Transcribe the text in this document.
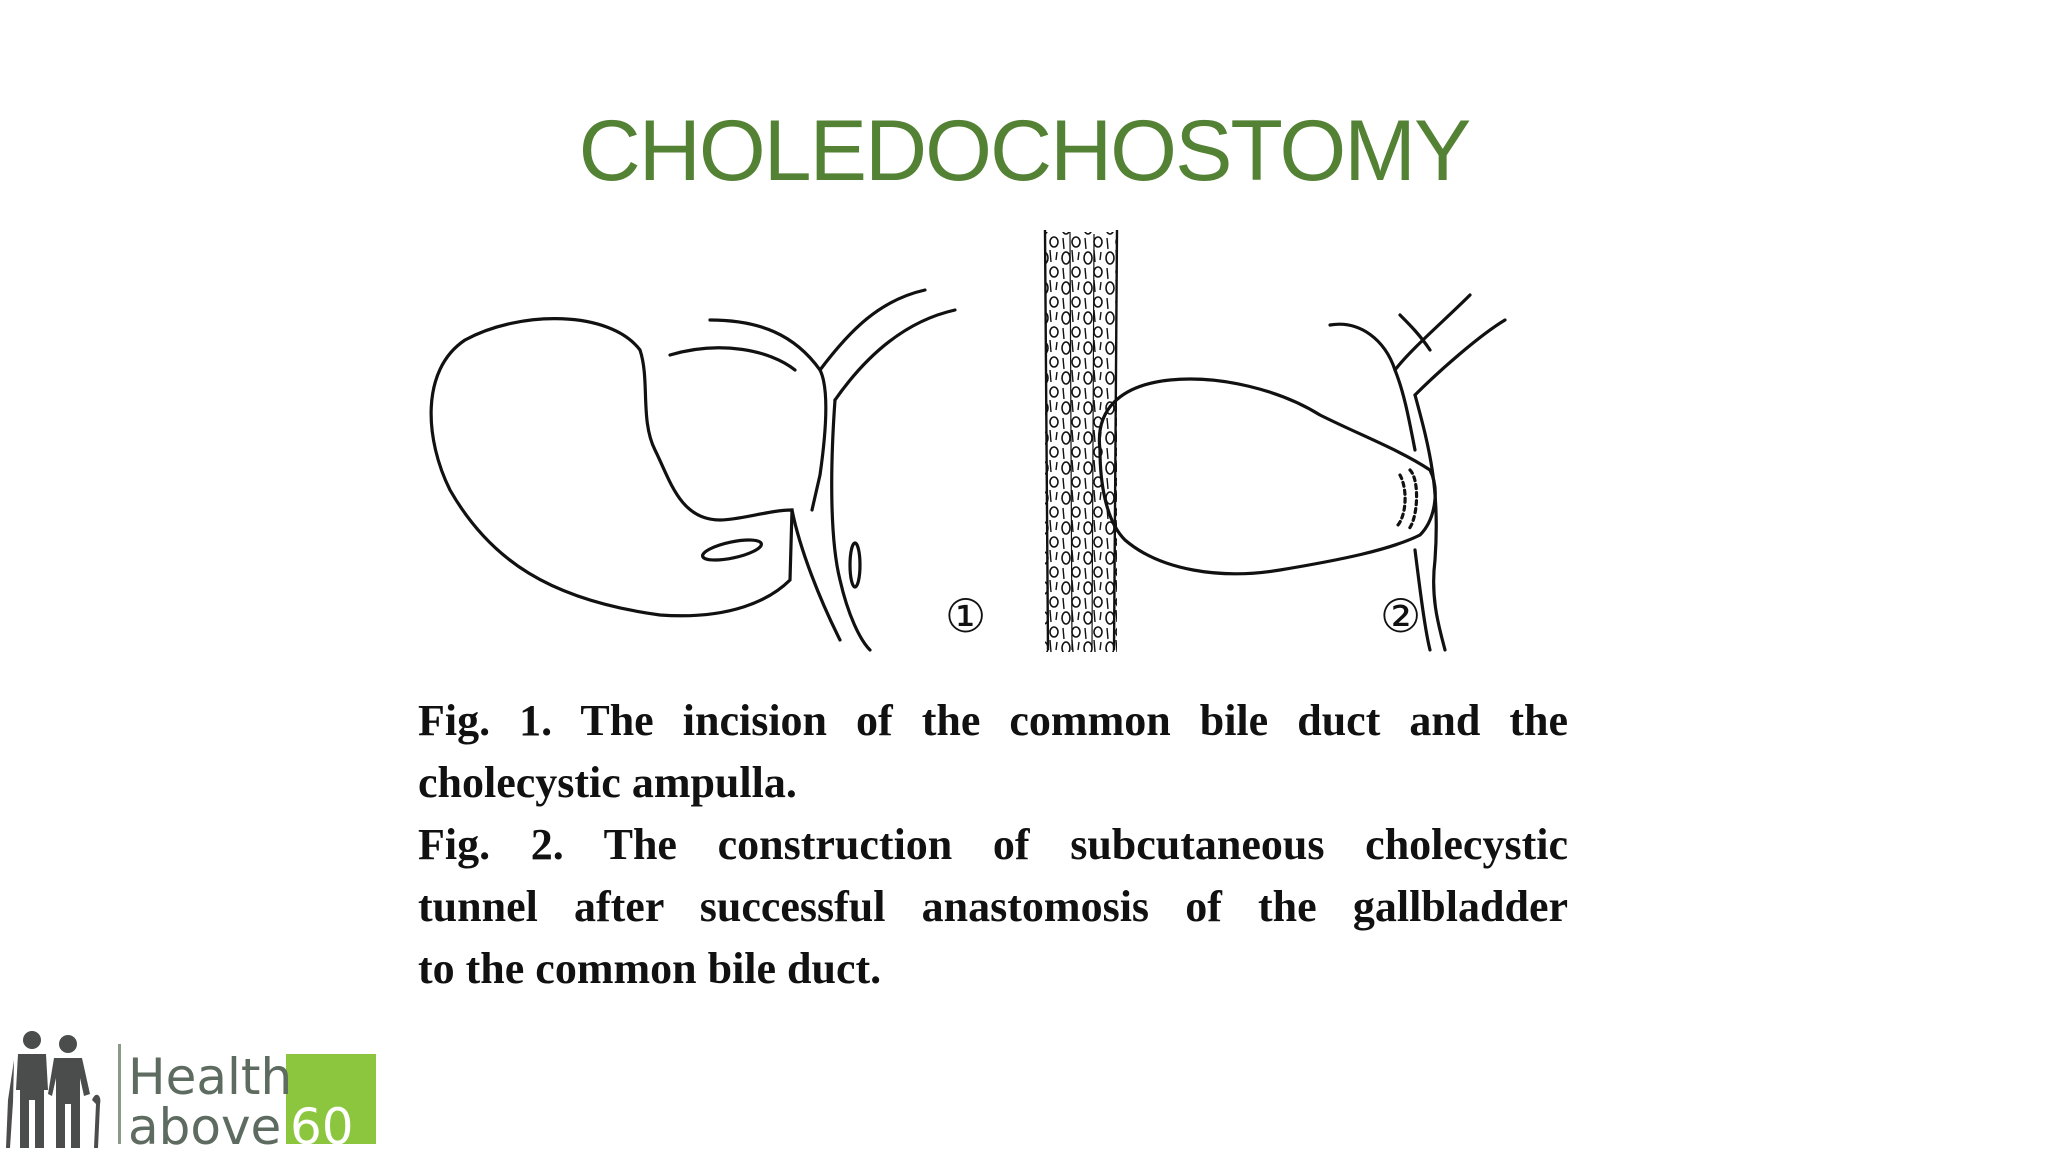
CHOLEDOCHOSTOMY
①	②
Fig. 1. The incision of the common bile duct and the
cholecystic ampulla.
Fig. 2. The construction of subcutaneous cholecystic
tunnel after successful anastomosis of the gallbladder
to the common bile duct.
Health
above 60
